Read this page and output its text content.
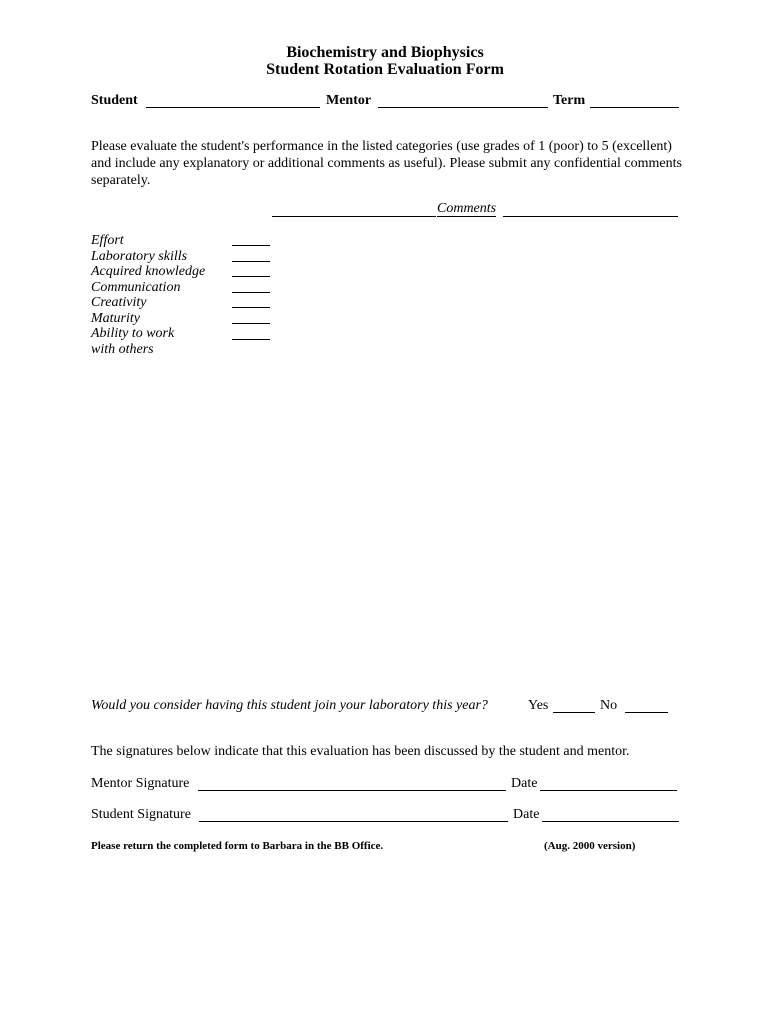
Biochemistry and Biophysics
Student Rotation Evaluation Form
Student	Mentor	Term
Please evaluate the student's performance in the listed categories (use grades of 1 (poor) to 5 (excellent) and include any explanatory or additional comments as useful). Please submit any confidential comments separately.
Comments
Effort
Laboratory skills
Acquired knowledge
Communication
Creativity
Maturity
Ability to work
with others
Would you consider having this student join your laboratory this year?	Yes	No
The signatures below indicate that this evaluation has been discussed by the student and mentor.
Mentor Signature	Date
Student Signature	Date
Please return the completed form to Barbara in the BB Office.	(Aug. 2000 version)
